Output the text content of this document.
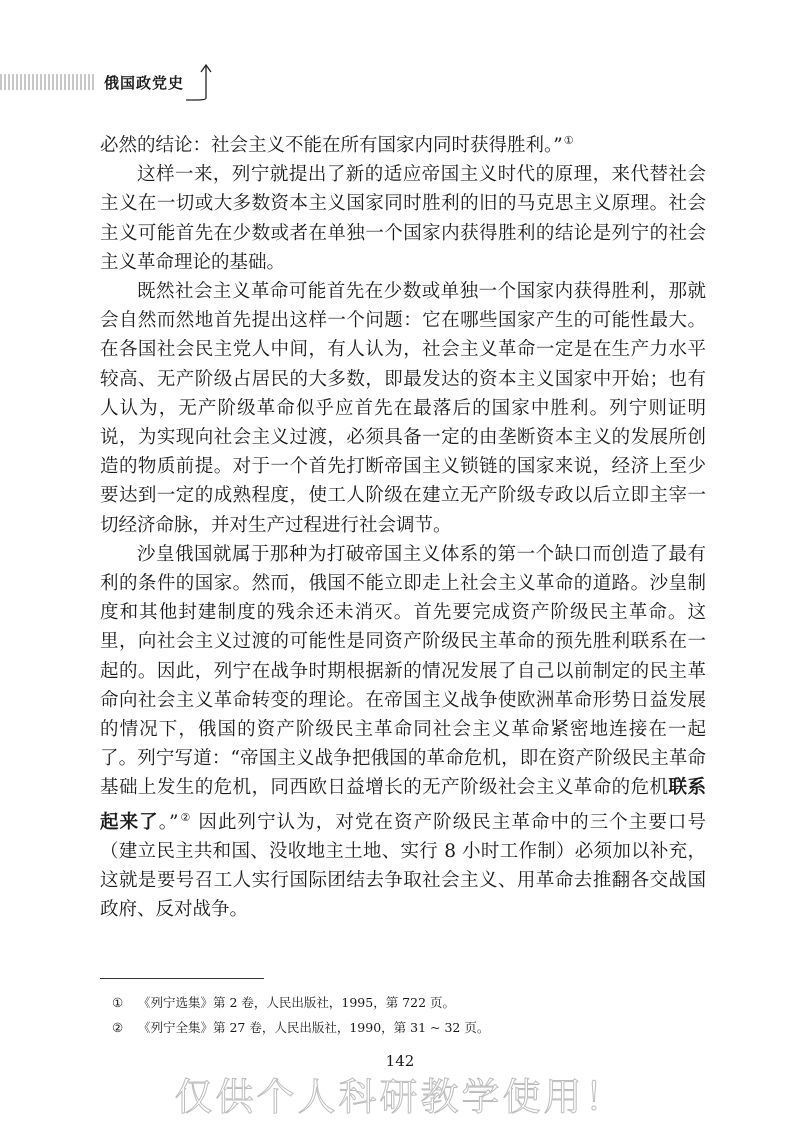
俄国政党史

必然的结论：社会主义不能在所有国家内同时获得胜利。”①

这样一来，列宁就提出了新的适应帝国主义时代的原理，来代替社会主义在一切或大多数资本主义国家同时胜利的旧的马克思主义原理。社会主义可能首先在少数或者在单独一个国家内获得胜利的结论是列宁的社会主义革命理论的基础。

既然社会主义革命可能首先在少数或单独一个国家内获得胜利，那就会自然而然地首先提出这样一个问题：它在哪些国家产生的可能性最大。在各国社会民主党人中间，有人认为，社会主义革命一定是在生产力水平较高、无产阶级占居民的大多数，即最发达的资本主义国家中开始；也有人认为，无产阶级革命似乎应首先在最落后的国家中胜利。列宁则证明说，为实现向社会主义过渡，必须具备一定的由垄断资本主义的发展所创造的物质前提。对于一个首先打断帝国主义锁链的国家来说，经济上至少要达到一定的成熟程度，使工人阶级在建立无产阶级专政以后立即主宰一切经济命脉，并对生产过程进行社会调节。

沙皇俄国就属于那种为打破帝国主义体系的第一个缺口而创造了最有利的条件的国家。然而，俄国不能立即走上社会主义革命的道路。沙皇制度和其他封建制度的残余还未消灭。首先要完成资产阶级民主革命。这里，向社会主义过渡的可能性是同资产阶级民主革命的预先胜利联系在一起的。因此，列宁在战争时期根据新的情况发展了自己以前制定的民主革命向社会主义革命转变的理论。在帝国主义战争使欧洲革命形势日益发展的情况下，俄国的资产阶级民主革命同社会主义革命紧密地连接在一起了。列宁写道：“帝国主义战争把俄国的革命危机，即在资产阶级民主革命基础上发生的危机，同西欧日益增长的无产阶级社会主义革命的危机联系起来了。”② 因此列宁认为，对党在资产阶级民主革命中的三个主要口号（建立民主共和国、没收地主土地、实行 8 小时工作制）必须加以补充，这就是要号召工人实行国际团结去争取社会主义、用革命去推翻各交战国政府、反对战争。

① 《列宁选集》第 2 卷，人民出版社，1995，第 722 页。
② 《列宁全集》第 27 卷，人民出版社，1990，第 31 ~ 32 页。
142
仅供个人科研教学使用！
